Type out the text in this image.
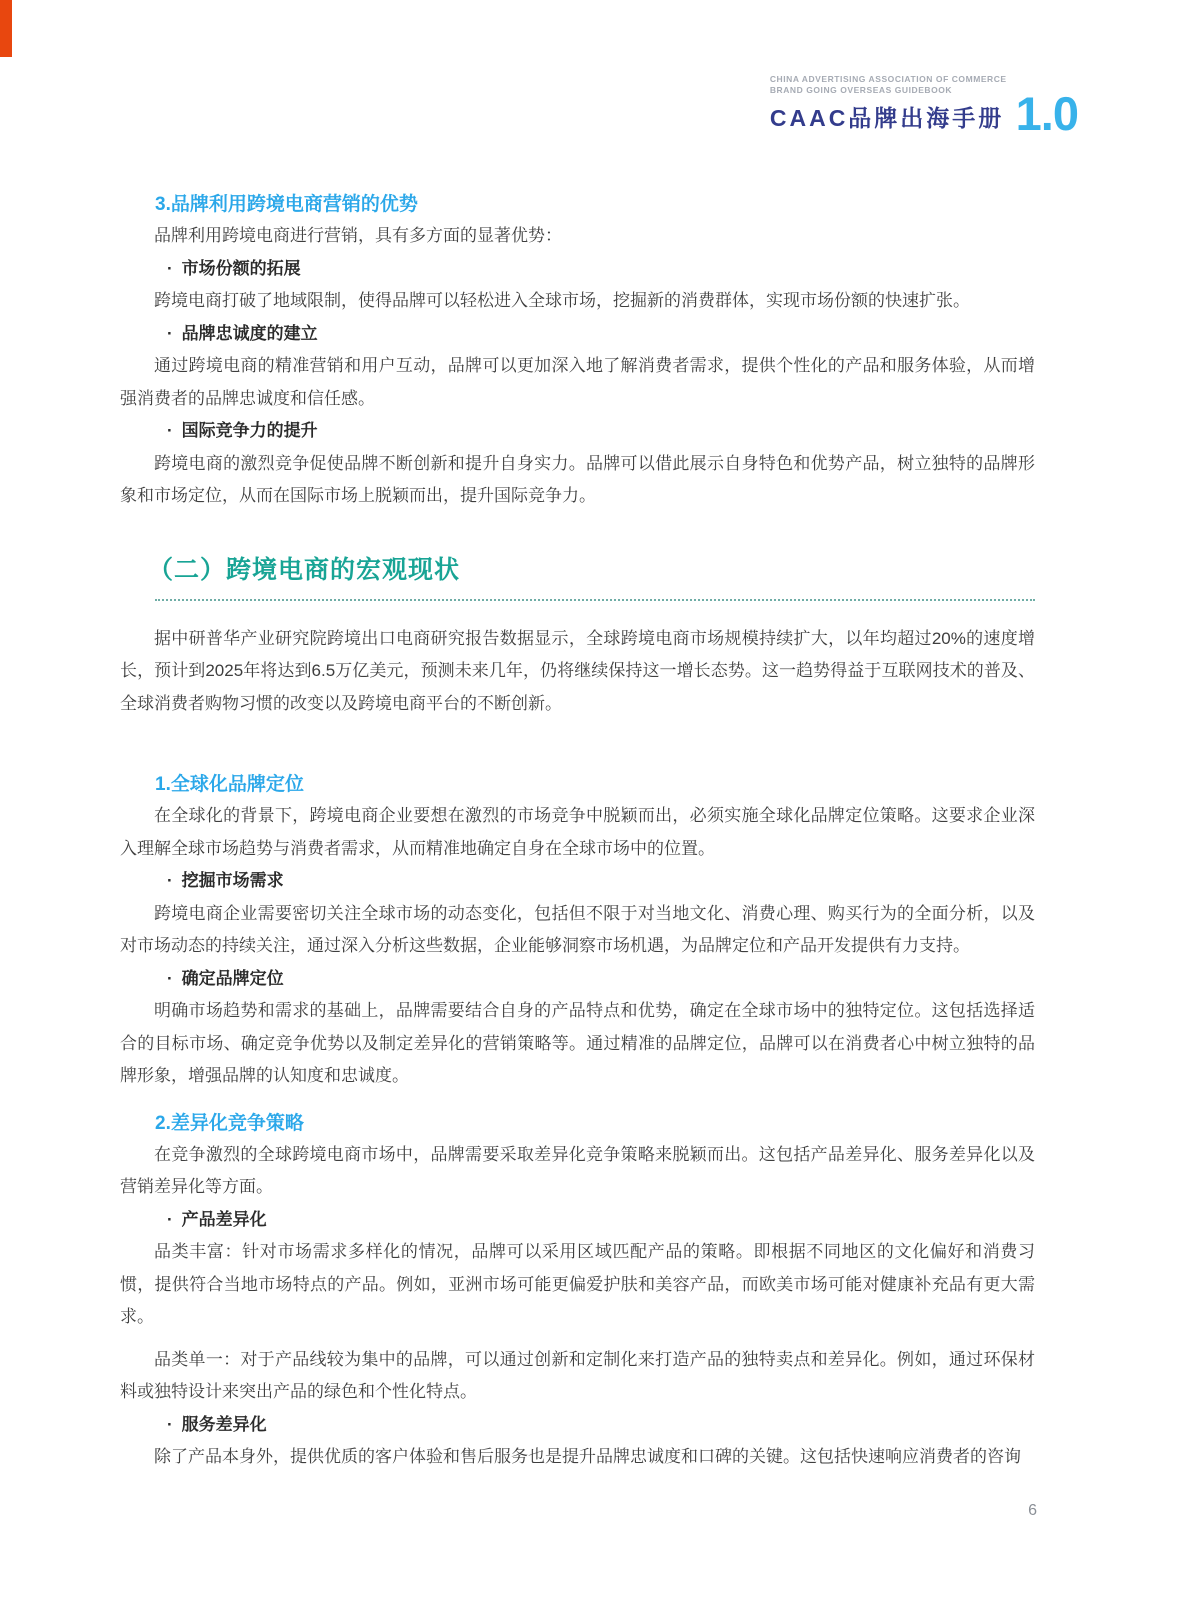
CHINA ADVERTISING ASSOCIATION OF COMMERCE
BRAND GOING OVERSEAS GUIDEBOOK
CAAC品牌出海手册 1.0
3.品牌利用跨境电商营销的优势

品牌利用跨境电商进行营销，具有多方面的显著优势：

· 市场份额的拓展

跨境电商打破了地域限制，使得品牌可以轻松进入全球市场，挖掘新的消费群体，实现市场份额的快速扩张。

· 品牌忠诚度的建立

通过跨境电商的精准营销和用户互动，品牌可以更加深入地了解消费者需求，提供个性化的产品和服务体验，从而增强消费者的品牌忠诚度和信任感。

· 国际竞争力的提升

跨境电商的激烈竞争促使品牌不断创新和提升自身实力。品牌可以借此展示自身特色和优势产品，树立独特的品牌形象和市场定位，从而在国际市场上脱颖而出，提升国际竞争力。

（二）跨境电商的宏观现状

据中研普华产业研究院跨境出口电商研究报告数据显示，全球跨境电商市场规模持续扩大，以年均超过20%的速度增长，预计到2025年将达到6.5万亿美元，预测未来几年，仍将继续保持这一增长态势。这一趋势得益于互联网技术的普及、全球消费者购物习惯的改变以及跨境电商平台的不断创新。

1.全球化品牌定位

在全球化的背景下，跨境电商企业要想在激烈的市场竞争中脱颖而出，必须实施全球化品牌定位策略。这要求企业深入理解全球市场趋势与消费者需求，从而精准地确定自身在全球市场中的位置。

· 挖掘市场需求

跨境电商企业需要密切关注全球市场的动态变化，包括但不限于对当地文化、消费心理、购买行为的全面分析，以及对市场动态的持续关注，通过深入分析这些数据，企业能够洞察市场机遇，为品牌定位和产品开发提供有力支持。

· 确定品牌定位

明确市场趋势和需求的基础上，品牌需要结合自身的产品特点和优势，确定在全球市场中的独特定位。这包括选择适合的目标市场、确定竞争优势以及制定差异化的营销策略等。通过精准的品牌定位，品牌可以在消费者心中树立独特的品牌形象，增强品牌的认知度和忠诚度。

2.差异化竞争策略

在竞争激烈的全球跨境电商市场中，品牌需要采取差异化竞争策略来脱颖而出。这包括产品差异化、服务差异化以及营销差异化等方面。

· 产品差异化

品类丰富：针对市场需求多样化的情况，品牌可以采用区域匹配产品的策略。即根据不同地区的文化偏好和消费习惯，提供符合当地市场特点的产品。例如，亚洲市场可能更偏爱护肤和美容产品，而欧美市场可能对健康补充品有更大需求。

品类单一：对于产品线较为集中的品牌，可以通过创新和定制化来打造产品的独特卖点和差异化。例如，通过环保材料或独特设计来突出产品的绿色和个性化特点。

· 服务差异化

除了产品本身外，提供优质的客户体验和售后服务也是提升品牌忠诚度和口碑的关键。这包括快速响应消费者的咨询

6
